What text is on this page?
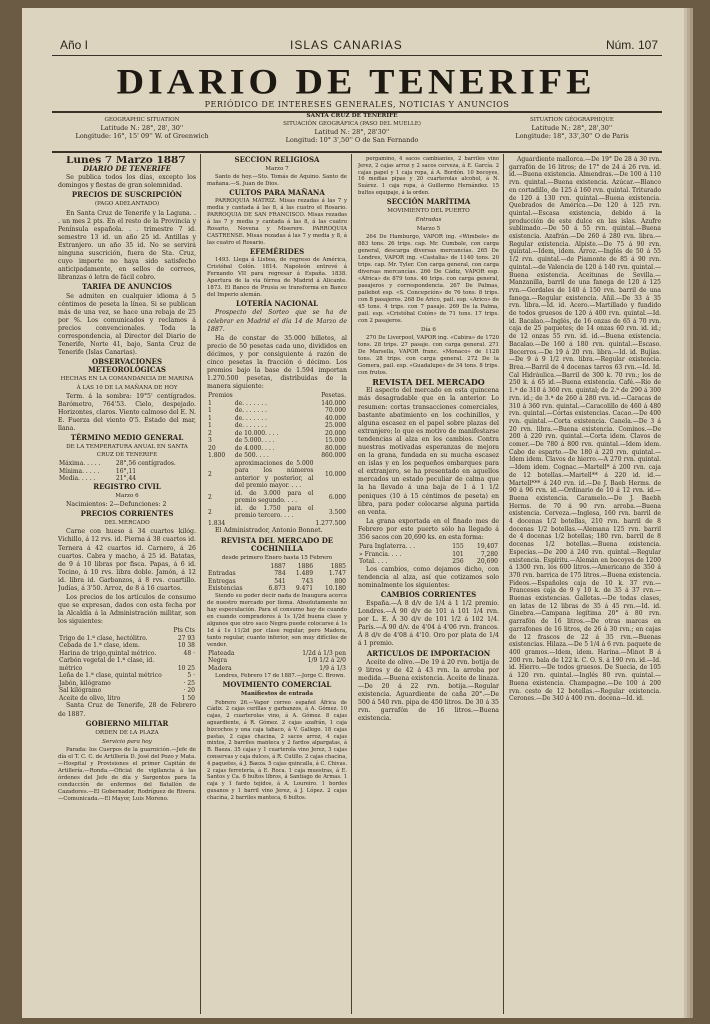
Año I	ISLAS CANARIAS	Núm. 107
DIARIO DE TENERIFE
PERIÓDICO DE INTERESES GENERALES, NOTICIAS Y ANUNCIOS
GEOGRAPHIC SITUATION
Latitude N.: 28°, 28', 30''
Longitude: 16°, 15' 09'' W. of Greenwich
SANTA CRUZ DE TENERIFE
SITUACIÓN GEOGRÁFICA (PASO DEL MUELLE)
Latitud N.: 28°, 28'30''
Longitud: 10° 3',50'' O de San Fernando
SITUATION GÉOGRAPHIQUE
Latitude N.: 28°, 28',30''
Longitude: 18°, 33',30'' O de Paris

Lunes 7 Marzo 1887

DIARIO DE TENERIFE

Se publica todos los días, excepto los domingos y fiestas de gran solemnidad.

PRECIOS DE SUSCRIPCIÓN

(PAGO ADELANTADO)

En Santa Cruz de Tenerife y la Laguna. . . un mes 2 pts. En el resto de la Provincia y Península española. . . trimestre 7 id. semestre 13 id. un año 25 id. Antillas y Extranjero. un año 35 id. No se servirá ninguna suscrición, fuera de Sta. Cruz, cuyo importe no haya sido satisfecho anticipadamente, en sellos de correos, libranzas ó letra de fácil cobro.

TARIFA DE ANUNCIOS

Se admiten en cualquier idioma á 5 céntimos de peseta la línea. Si se publican más de una vez, se hace una rebaja de 25 por %. Los comunicados y reclamos á precios convencionales. Toda la correspondencia, al Director del Diario de Tenerife, Norte 41, bajo, Santa Cruz de Tenerife (Islas Canarias).

OBSERVACIONES METEOROLÓGICAS

HECHAS EN LA COMANDANCIA DE MARINA Á LAS 10 DE LA MAÑANA DE HOY

Term. á la sombra: 19°5' centígrados. Barómetro, 764'53. Cielo, despejado. Horizontes, claros. Viento calmoso del E. N. E. Fuerza del viento 0'5. Estado del mar, llana.

TÉRMINO MEDIO GENERAL

DE LA TEMPERATURA ANUAL EN SANTA CRUZ DE TENERIFE

Máxima. . . . .	28°,56 centígrados.
Mínima. . . . .	16°,11
Media. . . . .	21°,44

REGISTRO CIVIL

Marzo 6

Nacimientos: 2—Defunciones: 2

PRECIOS CORRIENTES

DEL MERCADO

Carne con hueso á 34 cuartos kilóg. Vichillo, á 12 rvs. id. Pierna á 38 cuartos id. Ternera á 42 cuartos id. Carnero, á 26 cuartos. Cabra y macho, á 25 id. Batatas, de 9 á 10 libras por fisca. Papas, á 6 id. Tocino, á 10 rvs. libra doble. Jamón, á 12 id. libra id. Garbanzos, á 8 rvs. cuartillo. Judías, á 3'50. Arroz, de 8 á 16 cuartos.

Los precios de los artículos de consumo que se expresan, dados con esta fecha por la Alcaldía á la Administración militar, son los siguientes:

	Pts Cts
Trigo de 1.ª clase, hectólitro.	27 93
Cebada de 1.ª clase, idem.	10 38
Harina de trigo,quintal métrico.	48 ·
Carbón vegetal de 1.ª clase, id.	
métrico	10 25
Leña de 1.ª clase, quintal métrico	5 ·
Jabón, kilógramo	· 25
Sal kilógramo	· 20
Aceite de olivo, litro	1 50

Santa Cruz de Tenerife, 28 de Febrero de 1887.

GOBIERNO MILITAR

ORDEN DE LA PLAZA

Servicio para hoy

Parada: los Cuerpos de la guarnición.—Jefe de día el T. C. C. de Artillería D. José del Pozo y Mata.—Hospital y Provisiones el primer Capitán de Artillería.—Ronda.—Oficial de vigilancia á las órdenes del Jefe de día y Sargentos para la conducción de enfermos del Batallón de Cazadores.—El Gobernador, Rodríguez de Rivera.—Comunicada.—El Mayor, Luis Moreno.

SECCIÓN RELIGIOSA

Marzo 7

Santo de hoy.—Sto. Tomás de Aquino. Santo de mañana.—S. Juan de Dios.

CULTOS PARA MAÑANA

PARROQUIA MATRIZ. Misas rezadas á las 7 y media y cantada á las 8, á las cuatro el Rosario. PARROQUIA DE SAN FRANCISCO. Misas rezadas á las 7 y media y cantada á las 8, á las cuatro Rosario, Novena y Miserere. PARROQUIA CASTRENSE. Misas rezadas á las 7 y media y 8, á las cuatro el Rosario.

EFEMÉRIDES

1493. Llega á Lisboa, de regreso de América, Cristóbal Colón. 1814. Napoleón entrevé á Fernando VII para regresar á España. 1838. Apertura de la vía férrea de Madrid á Alicante. 1873. El Banco de Prusia se transforma en Banco del Imperio alemán.

LOTERÍA NACIONAL

Prospecto del Sorteo que se ha de celebrar en Madrid el día 14 de Marzo de 1887.

Ha de constar de 35.000 billetes, al precio de 50 pesetas cada uno, divididos en décimos, y por consiguiente á razón de cinco pesetas la fracción ó décimo. Los premios bajo la base de 1.594 importan 1.270.500 pesetas, distribuidas de la manera siguiente:

Premios		Pesetas.
1	de. . . . . . .	140.000
1	de. . . . . . .	70.000
1	de. . . . . . .	40.000
1	de. . . . . . .	25.000
2	de 10.000. . . .	20.000
3	de 5.000. . . .	15.000
20	de 4.000. . . .	80.000
1.800	de 500. . . .	860.000
2	aproximaciones de 5.000 para los números anterior y posterior, al del premio mayor. . . .	10.000
2	id. de 3.000 para el premio segundo. . . .	6.000
2	id. de 1.750 para el premio tercero. . . .	3.500
1.834		1.277.500

El Administrador, Antonio Bonnet.

REVISTA DEL MERCADO DE COCHINILLA

desde primero Enero hasta 15 Febrero

	1887	1886	1885
Entradas	784	1.489	1.747
Entregas	541	743	800
Existencias	6.873	9.471	10.180

Siendo su poder decir nada de Inaugura acerca de nuestro mercado por lioma. Absolutamente no hay especulación. Para el consumo hay de cuando en cuando compradores á 1s 1/2d buena clase y algunos que otro saco Negra puede colocarse á 1s 1d á 1s 11/2d por clase regular, pero Madera, tanto regular, cuanto inferior, son muy difíciles de vender.

Plateada	1/2d á 1/3 pen
Negra	1/9 1/2 á 2/0
Madera	1/9 á 1/3

Londres, Febrero 17 de 1887.—Jorge C. Brown.

MOVIMIENTO COMERCIAL

Manifiestos de entrada

Febrero 26.—Vapor correo español África de Cádiz. 2 cajas cerillas y garbanzos, á A. Gómez. 10 cajas, 2 cuarterolas vino, á A. Gómez. 8 cajas aguardiente, á R. Gómez. 2 cajas azafrán, 1 caja bizcochos y una caja tabaco, á V. Gallego. 18 cajas pastas, 2 cajas chacina, 2 sacos arroz, 4 cajas mixtos, 2 barriles manteca y 2 fardos alpargatas, á B. Baeza. 35 cajas y 1 cuarterola vino Jerez, 3 cajas conservas y caja dulces, á R. Cutillo. 2 cajas chacina, 4 paquetes, á J. Baeza. 5 cajas quincalla, á C. Chivas. 2 cajas ferretería, á E. Roca. 1 caja muestras, á E. Santos y Ca. 6 bultos libros, á Santiago de Armas. 1 caja y 1 fardo tejidos, á A. Loureiro. 1 bordes gusanos y 1 barril vino Jerez, á J. López. 2 cajas chacina, 2 barriles manteca, 6 bultos.

pergamino, 4 sacos cambiantes, 2 barriles vino Jerez, 2 cajas arroz y 2 sacos cerveza, á E. García. 2 cajas papel y 1 caja ropa, á A. Bordón. 10 bocoyes, 16 medias pipas y 20 cuarterolas alcohol, á N. Suárez. 1 caja ropa, á Guillermo Hernández. 15 bultos equipaje, á la orden.

SECCIÓN MARÍTIMA

MOVIMIENTO DEL PUERTO

Entradas

Marzo 5

264 De Hamburgo, VAPOR ing. «Wimbele» de 883 tons. 26 trips. cap. Mr. Cumbale, con carga general, descarga diversas mercancías. 265 De Londres, VAPOR ing. «Castalia» de 1140 tons. 20 trips. cap. Mr. Tyler. Con carga general, con carga diversas mercancías. 266 De Cádiz, VAPOR esp. «África» de 879 tons. 46 trips. con carga general, pasajeros y correspondencia. 267 De Palmas, pailebot esp. «S. Concepción» de 76 tons. 8 trips. con 8 pasajeros. 268 De Arico, pail. esp. «Arico» de 45 tons. 4 trips. con 7 pasaje. 269 De la Palma, pail. esp. «Cristóbal Colón» de 71 tons. 17 trips. con 2 pasajeros.

Día 6

270 De Liverpool, VAPOR ing. «Cabira» de 1720 tons. 28 trips. 27 pasaje. con carga general. 271 De Marsella, VAPOR franc. «Monaco» de 1128 tons. 28 trips. con carga general. 272 De la Gomera, pail. esp. «Guadalupe» de 34 tons. 8 trips. con frutos.

REVISTA DEL MERCADO

El aspecto del mercado en esta quincena más desagradable que en la anterior. Lo resumen: cortas transacciones comerciales, bastante abatimiento en los cochinillos, y alguna escasez en el papel sobre plazas del extranjero; lo que es motivo de manifestarse tendencias al alza en los cambios. Contra nuestras motivadas esperanzas de mejora en la grana, fundada en su mucha escasez en islas y en los pequeños embarques para el extranjero, se ha presentado en aquellos mercados un estado peculiar de calma que la ha llevado á una baja de 1 á 1 1/2 peniques (10 á 15 céntimos de peseta) en libra, para poder colocarse alguna partida en venta.

La grana exportada en el finado mes de Febrero por este puerto sólo ha llegado á 356 sacos con 20,690 ks. en esta forma:

Para Inglaterra. . .	155	19,407
» Francia. . . .	101	7,280
Total. . . .	256	20,690

Los cambios, como dejamos dicho, con tendencia al alza, así que cotizamos solo nominalmente los siguientes:

CAMBIOS CORRIENTES

España.—Á 8 d/v de 1/4 á 1 1/2 premio. Londres.—Á 90 d/v de 101 á 101 1/4 rvn. por L. E. Á 30 d/v de 101 1/2 á 102 1/4. París.—Á 90 d/v. de 4'04 á 4'06 rvn. francos. Á 8 d/v de 4'08 á 4'10. Oro por plata de 1/4 á 1 premio.

ARTICULOS DE IMPORTACION

Aceite de olivo.—De 19 á 20 rvn. botija de 9 litros y de 42 á 43 rvn. la arroba por medida.—Buena existencia. Aceite de linaza.—De 20 á 22 rvn. botija.—Regular existencia. Aguardiente de caña 20°.—De 500 á 540 rvn. pipa de 450 litros. De 30 á 35 rvn. garrafón de 16 litros.—Buena existencia.

Aguardiente mallorca.—De 19° De 28 á 30 rvn. garrafón de 16 litros; de 17° de 24 á 26 rvn. id. id.—Buena existencia. Almendras.—De 100 á 110 rvn. quintal.—Buena existencia. Azúcar.—Blanco en cortadillo, de 125 á 160 rvn. quintal. Triturado de 120 á 130 rvn. quintal.—Buena existencia. Quebrados de América.—De 120 á 125 rvn. quintal.—Escasa existencia, debido á la producción de este dulce en las islas. Azufre sublimado.—De 50 á 55 rvn. quintal.—Buena existencia. Azafrán.—De 260 á 280 rvn. libra.—Regular existencia. Alpiste.—De 75 á 90 rvn. quintal.—Idem, idem. Arroz.—Inglés de 50 á 55 1/2 rvn. quintal.—de Piamonte de 85 á 90 rvn. quintal.—de Valencia de 120 á 140 rvn. quintal.—Buena existencia. Aceitunas de Sevilla.—Manzanilla, barril de una fanega de 120 á 125 rvn.—Gordales de 140 á 150 rvn. barril de una fanega.—Regular existencia. Añil.—De 33 á 35 rvn. libra.—Id. id. Acero.—Martillado y fundido de todos gruesos de 120 á 400 rvn. quintal.—Id. id. Bacalao.—Inglés, de 16 onzas de 65 á 70 rvn. caja de 25 paquetes; de 14 onzas 60 rvn. id. id.; de 12 onzas 55 rvn. id. id.—Buena existencia. Bacalao.—De 160 á 180 rvn. quintal.—Escaso. Becerros.—De 19 á 20 rvn. libra.—Id. id. Bujías.—De 9 á 9 1/2 rvn. libra.—Regular existencia. Brea.—Barril de 4 docenas tarros 63 rvn.—Id. Id. Cal Hidráulica.—Barril de 300 k. 70 rvn.; los de 250 k. á 65 id.—Buena existencia. Café.—Río de 1.ª de 310 á 360 rvn. quintal; de 2.ª de 290 á 300 rvn. id.; de 3.ª de 260 á 280 rvn. id.—Caracas de 310 á 360 rvn. quintal.—Caracolillo de 460 á 480 rvn. quintal.—Cortas existencias. Cacao.—De 400 rvn. quintal.—Corta existencia. Canela.—De 3 á 20 rvn. libra.—Buena existencia. Cominos.—De 200 á 220 rvn. quintal.—Corta idem. Clavos de comer.—De 780 á 800 rvn. quintal.—Idem idem. Cabo de esparto.—De 180 á 220 rvn. quintal.—Idem idem. Clavos de hierro.—A 270 rvn. quintal.—Idem idem. Cognac.—Martell* á 200 rvn. caja de 12 botellas.—Martell** á 220 id. id.—Martell*** á 240 rvn. id.—De J. Baeb Herms. de 90 á 96 rvn. id.—Ordinario de 10 á 12 rvn. id.—Buena existencia. Caramelo.—De J. Baebh Herms. de 70 á 90 rvn. arroba.—Buena existencia. Cerveza.—Inglesa, 160 rvn. barril de 4 docenas 1/2 botellas, 210 rvn. barril de 8 docenas 1/2 botellas.—Alemana 125 rvn. barril de 4 docenas 1/2 botellas; 180 rvn. barril de 8 docenas 1/2 botellas.—Buena existencia. Especias.—De 200 á 240 rvn. quintal.—Regular existencia. Espíritu.—Alemán en bocoyes de 1200 á 1300 rvn. los 600 litros.—Americano de 350 á 370 rvn. barrica de 175 litros.—Buena existencia. Fideos.—Españoles caja de 10 k. 37 rvn.—Franceses caja de 9 y 10 k. de 35 á 37 rvn.—Buenas existencias. Galletas.—De todas clases, en latas de 12 libras de 35 á 45 rvn.—Id. id. Ginebra.—Campana legítima 20° á 80 rvn. garrafón de 16 litros.—De otras marcas en garrafones de 16 litros, de 26 á 30 rvn.; en cajas de 12 frascos de 22 á 35 rvn.—Buenas existencias. Hilaza.—De 5 1/4 á 6 rvn. paquete de 400 gramos.—Idem, idem. Harina.—Minot B á 200 rvn. bala de 122 k. C. O. S. á 190 rvn. id.—Id. id. Hierro.—De todos gruesos. De Suecia, de 105 á 120 rvn. quintal.—Inglés 80 rvn. quintal.—Buena existencia. Champagne.—De 100 á 200 rvn. cesto de 12 botellas.—Regular existencia. Cerones.—De 340 á 400 rvn. docena—Id. id.
